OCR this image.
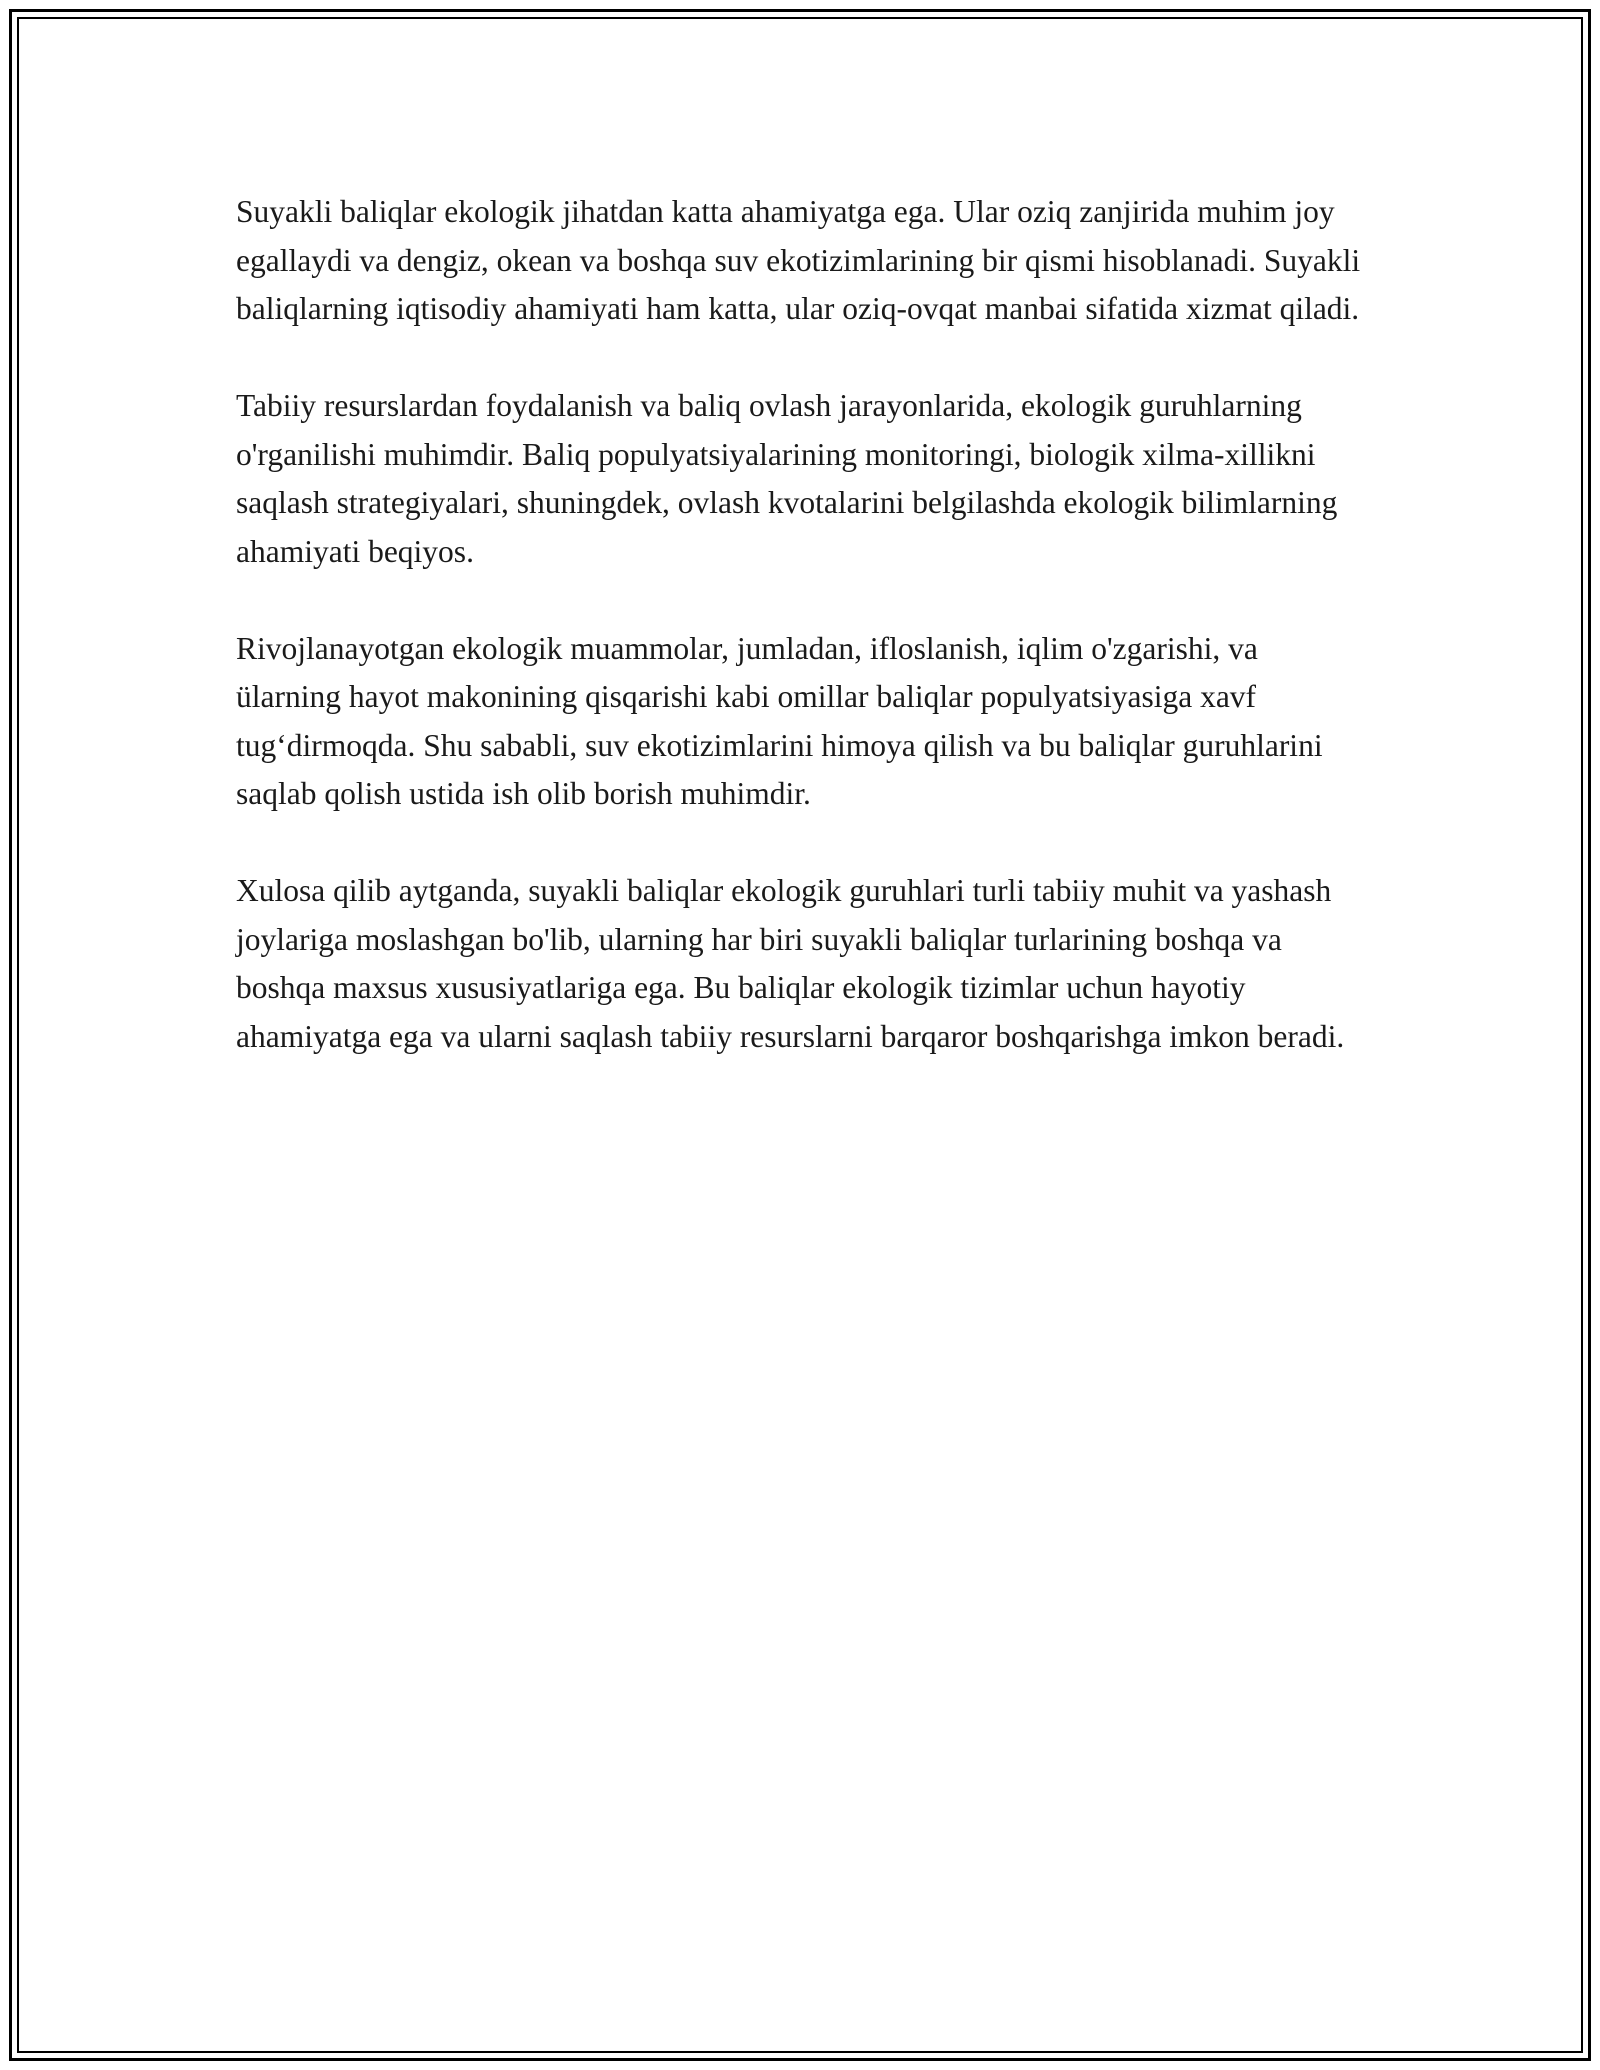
Suyakli baliqlar ekologik jihatdan katta ahamiyatga ega. Ular oziq zanjirida muhim joy egallaydi va dengiz, okean va boshqa suv ekotizimlarining bir qismi hisoblanadi. Suyakli baliqlarning iqtisodiy ahamiyati ham katta, ular oziq-ovqat manbai sifatida xizmat qiladi.

Tabiiy resurslardan foydalanish va baliq ovlash jarayonlarida, ekologik guruhlarning o'rganilishi muhimdir. Baliq populyatsiyalarining monitoringi, biologik xilma-xillikni saqlash strategiyalari, shuningdek, ovlash kvotalarini belgilashda ekologik bilimlarning ahamiyati beqiyos.

Rivojlanayotgan ekologik muammolar, jumladan, ifloslanish, iqlim o'zgarishi, va ülarning hayot makonining qisqarishi kabi omillar baliqlar populyatsiyasiga xavf tug‘dirmoqda. Shu sababli, suv ekotizimlarini himoya qilish va bu baliqlar guruhlarini saqlab qolish ustida ish olib borish muhimdir.

Xulosa qilib aytganda, suyakli baliqlar ekologik guruhlari turli tabiiy muhit va yashash joylariga moslashgan bo'lib, ularning har biri suyakli baliqlar turlarining boshqa va boshqa maxsus xususiyatlariga ega. Bu baliqlar ekologik tizimlar uchun hayotiy ahamiyatga ega va ularni saqlash tabiiy resurslarni barqaror boshqarishga imkon beradi.
